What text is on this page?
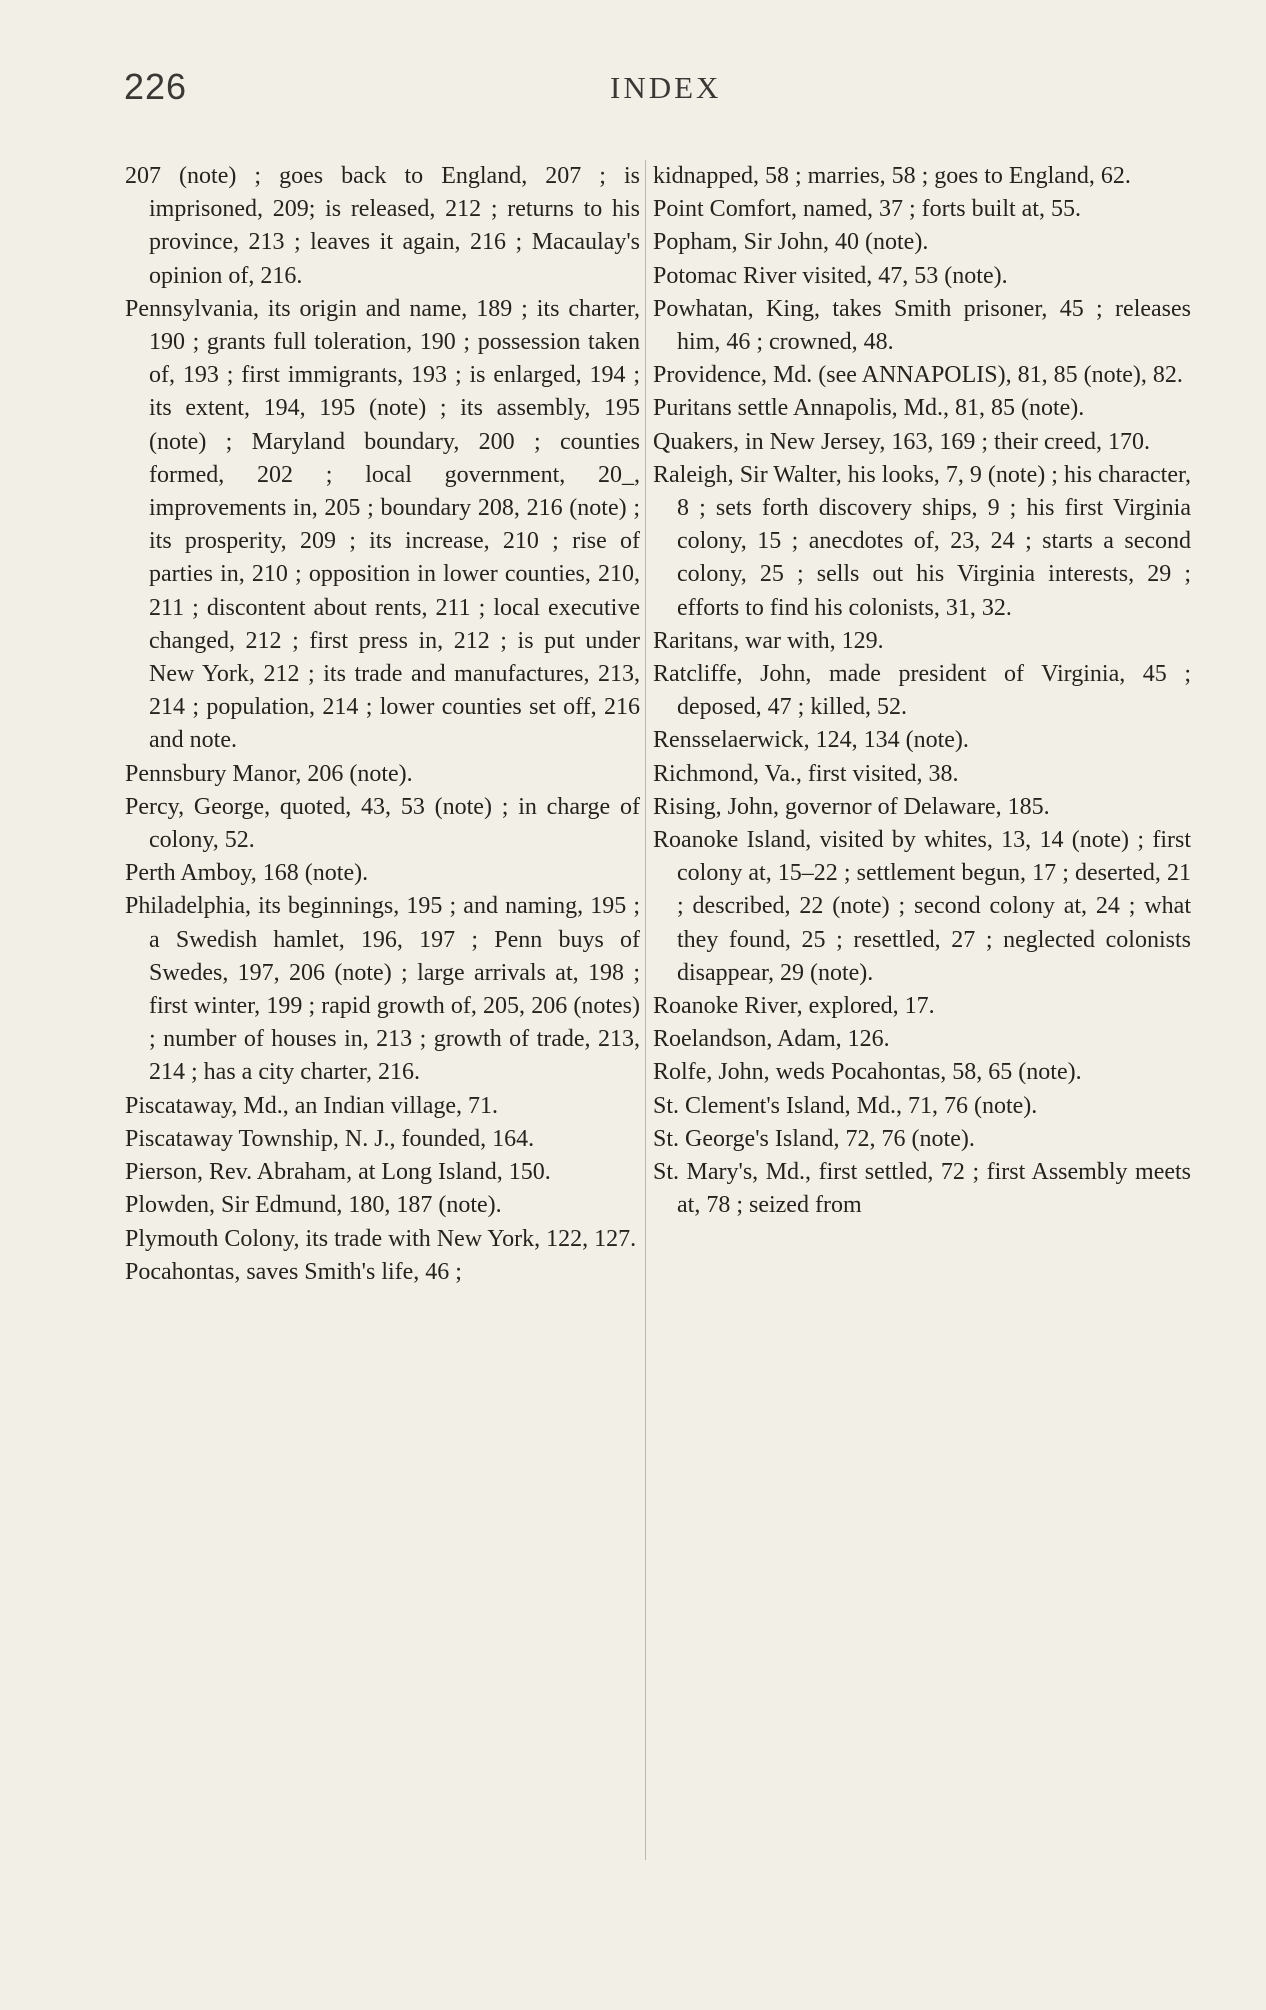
226	INDEX

207 (note) ; goes back to England, 207 ; is imprisoned, 209; is released, 212 ; returns to his province, 213 ; leaves it again, 216 ; Macaulay's opinion of, 216.

Pennsylvania, its origin and name, 189 ; its charter, 190 ; grants full toleration, 190 ; possession taken of, 193 ; first immigrants, 193 ; is enlarged, 194 ; its extent, 194, 195 (note) ; its assembly, 195 (note) ; Maryland boundary, 200 ; counties formed, 202 ; local government, 20_, improvements in, 205 ; boundary 208, 216 (note) ; its prosperity, 209 ; its increase, 210 ; rise of parties in, 210 ; opposition in lower counties, 210, 211 ; discontent about rents, 211 ; local executive changed, 212 ; first press in, 212 ; is put under New York, 212 ; its trade and manufactures, 213, 214 ; population, 214 ; lower counties set off, 216 and note.

Pennsbury Manor, 206 (note).

Percy, George, quoted, 43, 53 (note) ; in charge of colony, 52.

Perth Amboy, 168 (note).

Philadelphia, its beginnings, 195 ; and naming, 195 ; a Swedish hamlet, 196, 197 ; Penn buys of Swedes, 197, 206 (note) ; large arrivals at, 198 ; first winter, 199 ; rapid growth of, 205, 206 (notes) ; number of houses in, 213 ; growth of trade, 213, 214 ; has a city charter, 216.

Piscataway, Md., an Indian village, 71.

Piscataway Township, N. J., founded, 164.

Pierson, Rev. Abraham, at Long Island, 150.

Plowden, Sir Edmund, 180, 187 (note).

Plymouth Colony, its trade with New York, 122, 127.

Pocahontas, saves Smith's life, 46 ;

kidnapped, 58 ; marries, 58 ; goes to England, 62.

Point Comfort, named, 37 ; forts built at, 55.

Popham, Sir John, 40 (note).

Potomac River visited, 47, 53 (note).

Powhatan, King, takes Smith prisoner, 45 ; releases him, 46 ; crowned, 48.

Providence, Md. (see ANNAPOLIS), 81, 85 (note), 82.

Puritans settle Annapolis, Md., 81, 85 (note).

Quakers, in New Jersey, 163, 169 ; their creed, 170.

Raleigh, Sir Walter, his looks, 7, 9 (note) ; his character, 8 ; sets forth discovery ships, 9 ; his first Virginia colony, 15 ; anecdotes of, 23, 24 ; starts a second colony, 25 ; sells out his Virginia interests, 29 ; efforts to find his colonists, 31, 32.

Raritans, war with, 129.

Ratcliffe, John, made president of Virginia, 45 ; deposed, 47 ; killed, 52.

Rensselaerwick, 124, 134 (note).

Richmond, Va., first visited, 38.

Rising, John, governor of Delaware, 185.

Roanoke Island, visited by whites, 13, 14 (note) ; first colony at, 15–22 ; settlement begun, 17 ; deserted, 21 ; described, 22 (note) ; second colony at, 24 ; what they found, 25 ; resettled, 27 ; neglected colonists disappear, 29 (note).

Roanoke River, explored, 17.

Roelandson, Adam, 126.

Rolfe, John, weds Pocahontas, 58, 65 (note).

St. Clement's Island, Md., 71, 76 (note).

St. George's Island, 72, 76 (note).

St. Mary's, Md., first settled, 72 ; first Assembly meets at, 78 ; seized from
